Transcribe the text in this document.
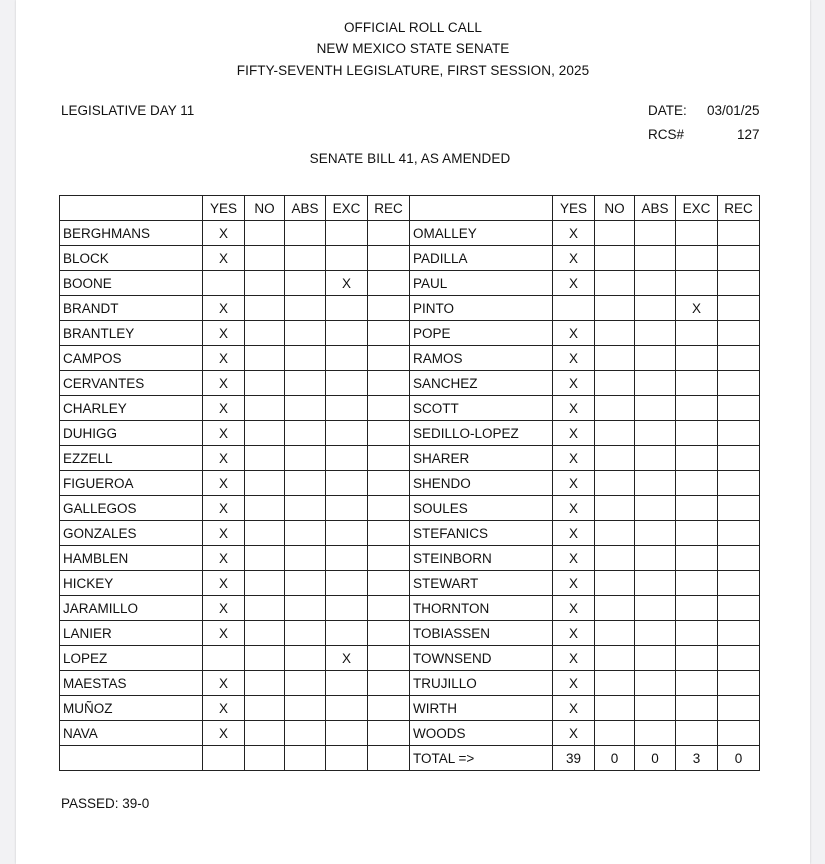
OFFICIAL ROLL CALL
NEW MEXICO STATE SENATE
FIFTY-SEVENTH LEGISLATURE, FIRST SESSION, 2025
LEGISLATIVE DAY 11	DATE: 03/01/25
RCS#	127
SENATE BILL 41, AS AMENDED
	YES	NO	ABS	EXC	REC		YES	NO	ABS	EXC	REC
BERGHMANS	X					OMALLEY	X				
BLOCK	X					PADILLA	X				
BOONE				X		PAUL	X				
BRANDT	X					PINTO				X	
BRANTLEY	X					POPE	X				
CAMPOS	X					RAMOS	X				
CERVANTES	X					SANCHEZ	X				
CHARLEY	X					SCOTT	X				
DUHIGG	X					SEDILLO-LOPEZ	X				
EZZELL	X					SHARER	X				
FIGUEROA	X					SHENDO	X				
GALLEGOS	X					SOULES	X				
GONZALES	X					STEFANICS	X				
HAMBLEN	X					STEINBORN	X				
HICKEY	X					STEWART	X				
JARAMILLO	X					THORNTON	X				
LANIER	X					TOBIASSEN	X				
LOPEZ				X		TOWNSEND	X				
MAESTAS	X					TRUJILLO	X				
MUÑOZ	X					WIRTH	X				
NAVA	X					WOODS	X				
						TOTAL =>	39	0	0	3	0
PASSED: 39-0
